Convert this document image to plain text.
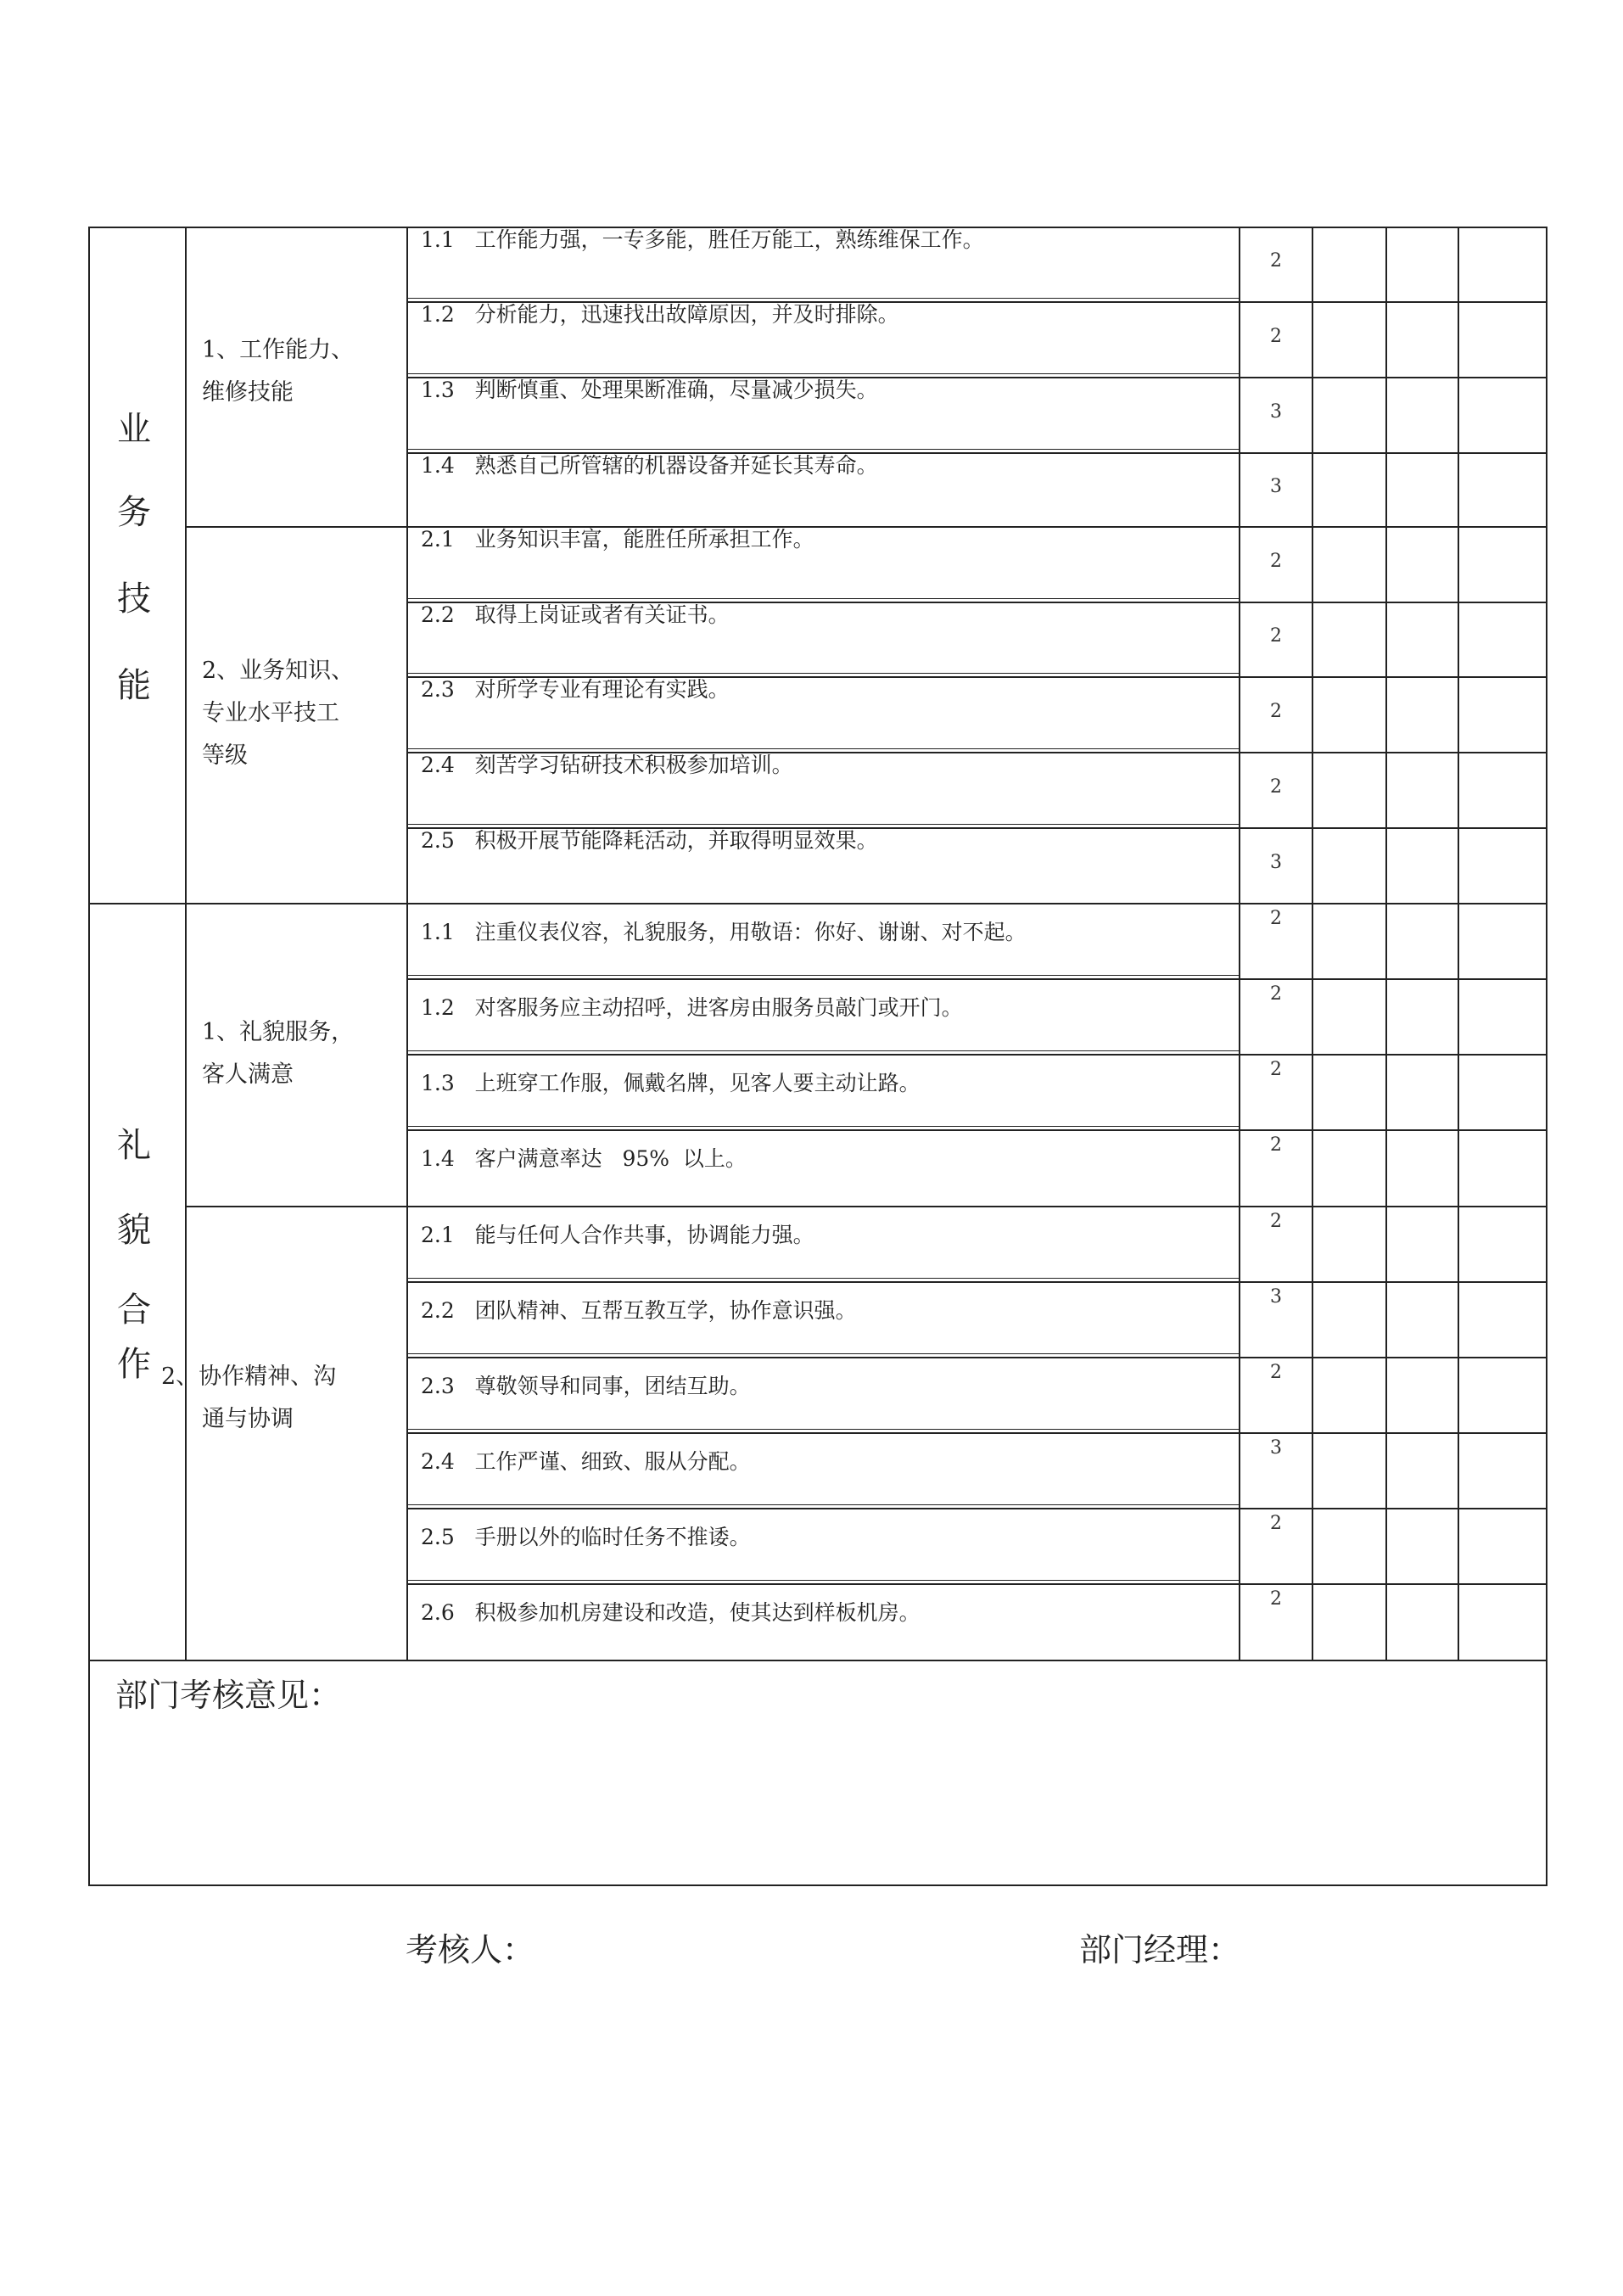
业
务
技
能
礼
貌
合
作
1、工作能力、
维修技能
2、业务知识、
专业水平技工
等级
1、礼貌服务，
客人满意
2、协作精神、沟
通与协调
1.1   工作能力强，一专多能，胜任万能工，熟练维保工作。
2
1.2   分析能力，迅速找出故障原因，并及时排除。
2
1.3   判断慎重、处理果断准确，尽量减少损失。
3
1.4   熟悉自己所管辖的机器设备并延长其寿命。
3
2.1   业务知识丰富，能胜任所承担工作。
2
2.2   取得上岗证或者有关证书。
2
2.3   对所学专业有理论有实践。
2
2.4   刻苦学习钻研技术积极参加培训。
2
2.5   积极开展节能降耗活动，并取得明显效果。
3
1.1   注重仪表仪容，礼貌服务，用敬语：你好、谢谢、对不起。
2
1.2   对客服务应主动招呼，进客房由服务员敲门或开门。
2
1.3   上班穿工作服，佩戴名牌，见客人要主动让路。
2
1.4   客户满意率达   95%  以上。
2
2.1   能与任何人合作共事，协调能力强。
2
2.2   团队精神、互帮互教互学，协作意识强。
3
2.3   尊敬领导和同事，团结互助。
2
2.4   工作严谨、细致、服从分配。
3
2.5   手册以外的临时任务不推诿。
2
2.6   积极参加机房建设和改造，使其达到样板机房。
2
部门考核意见：
考核人：	部门经理：
